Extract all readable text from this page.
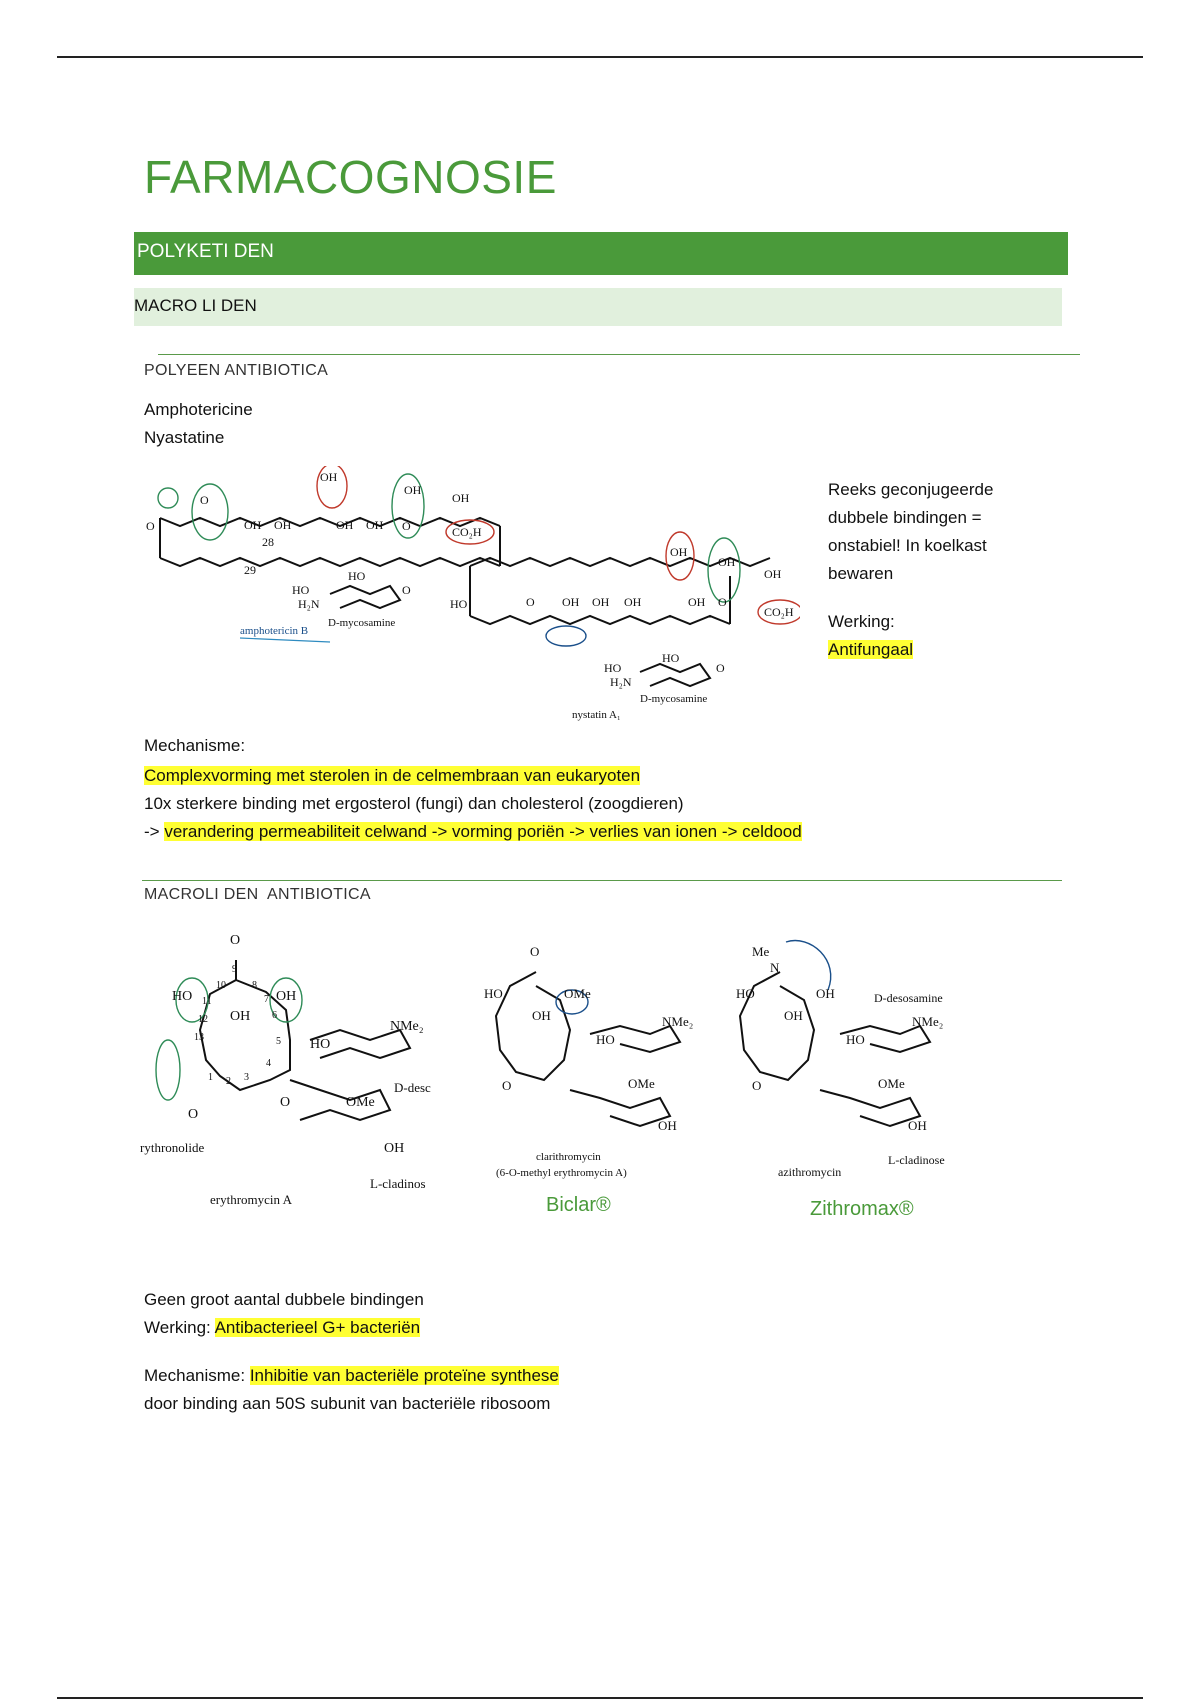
FARMACOGNOSIE
POLYKETI DEN
MACRO LI DEN
POLYEEN ANTIBIOTICA
Amphotericine
Nyastatine
OH
OH OH	OH OH
OH
OH
CO₂H
O
O
O
28
29
HO
H₂N
HO
O
D-mycosamine
amphotericin B
OH
OH OH OH	OH
OH
OH
CO₂H
HO	O	O
HO
H₂N
HO
O
D-mycosamine
nystatin A₁
Reeks geconjugeerde
dubbele bindingen =
onstabiel! In koelkast
bewaren
Werking:
Antifungaal
Mechanisme:
Complexvorming met sterolen in de celmembraan van eukaryoten
10x sterkere binding met ergosterol (fungi) dan cholesterol (zoogdieren)
-> verandering permeabiliteit celwand -> vorming poriën -> verlies van ionen -> celdood
MACROLI DEN  ANTIBIOTICA
O
HO
OH
OH
NMe₂
HO
O
O	OMe
OH
9
10
11
12
13
8
7
6
5
4
3
2
1
rythronolide
D-desc
L-cladinos
erythromycin A
O
HO
OH
OMe
NMe₂
HO
O	OMe
OH
clarithromycin
(6-O-methyl erythromycin A)
Me
N
HO
OH
OH
NMe₂
HO
O	OMe
OH
D-desosamine
L-cladinose
azithromycin
Biclar®	Zithromax®
Geen groot aantal dubbele bindingen
Werking: Antibacterieel G+ bacteriën
Mechanisme: Inhibitie van bacteriële proteïne synthese
door binding aan 50S subunit van bacteriële ribosoom
